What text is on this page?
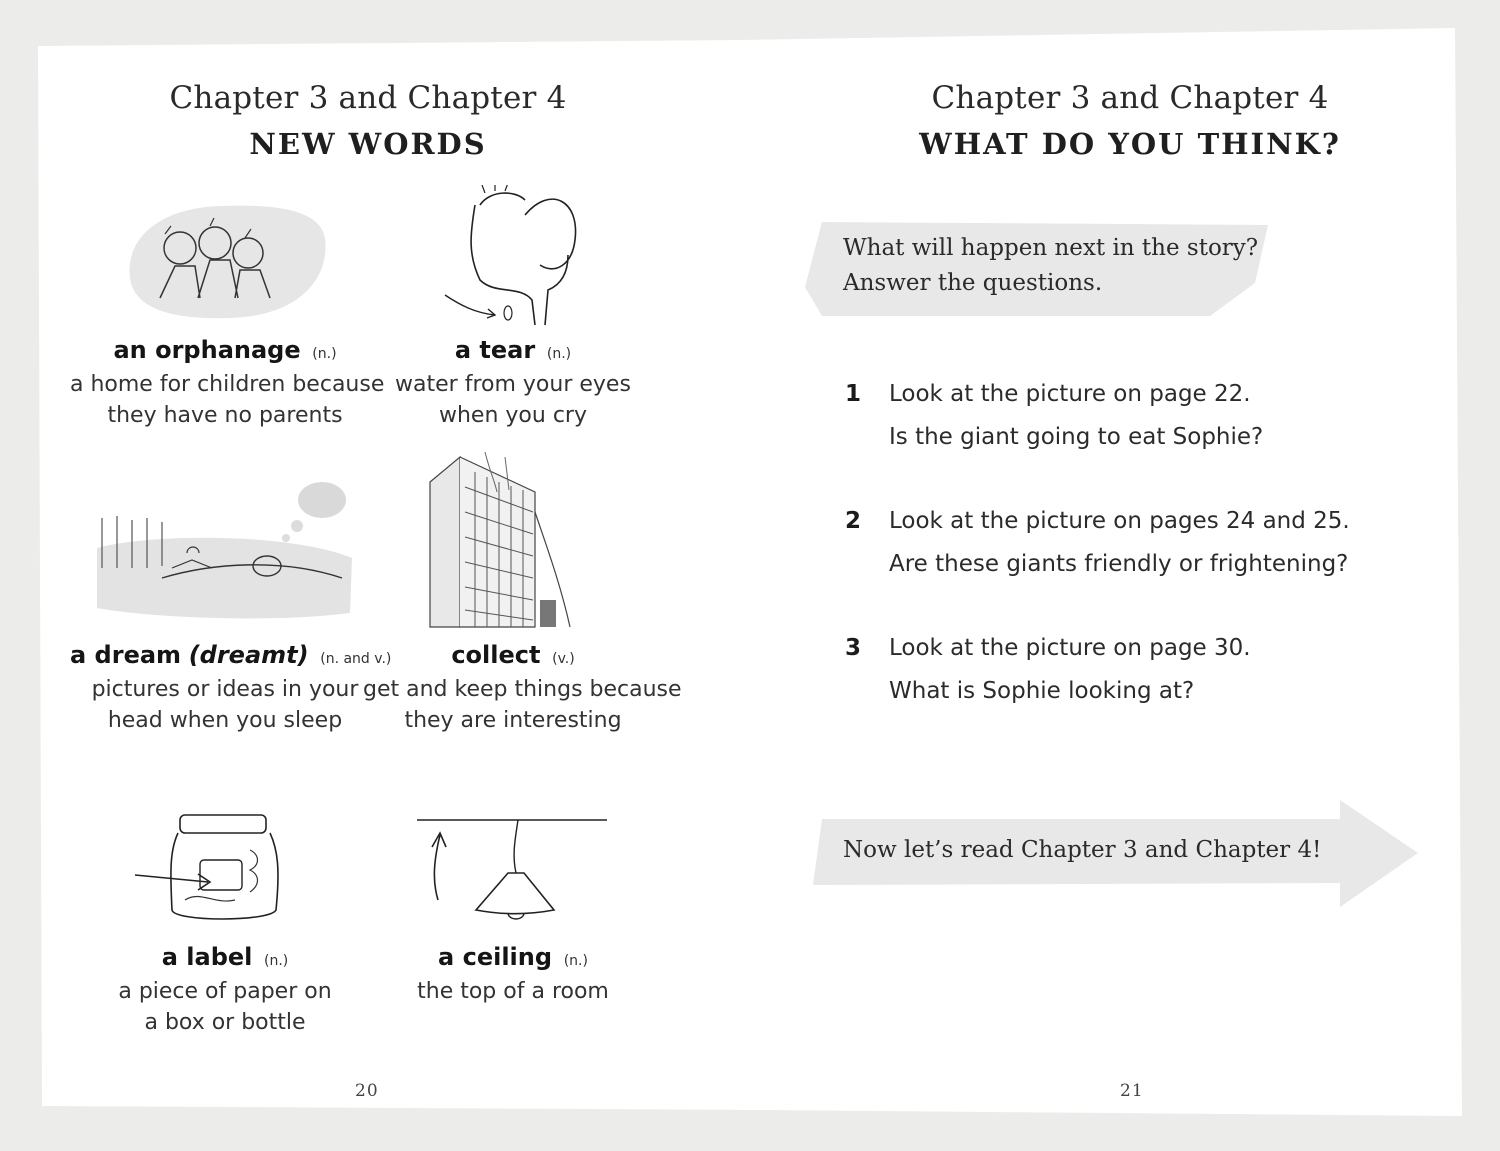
Chapter 3 and Chapter 4
NEW WORDS
an orphanage (n.)
a home for children because
they have no parents
a tear (n.)
water from your eyes
when you cry
a dream (dreamt) (n. and v.)
pictures or ideas in your
head when you sleep
collect (v.)
get and keep things because
they are interesting
a label (n.)
a piece of paper on
a box or bottle
a ceiling (n.)
the top of a room
20
Chapter 3 and Chapter 4
WHAT DO YOU THINK?
What will happen next in the story?
Answer the questions.
1 Look at the picture on page 22.
Is the giant going to eat Sophie?
2 Look at the picture on pages 24 and 25.
Are these giants friendly or frightening?
3 Look at the picture on page 30.
What is Sophie looking at?
Now let’s read Chapter 3 and Chapter 4!
21
